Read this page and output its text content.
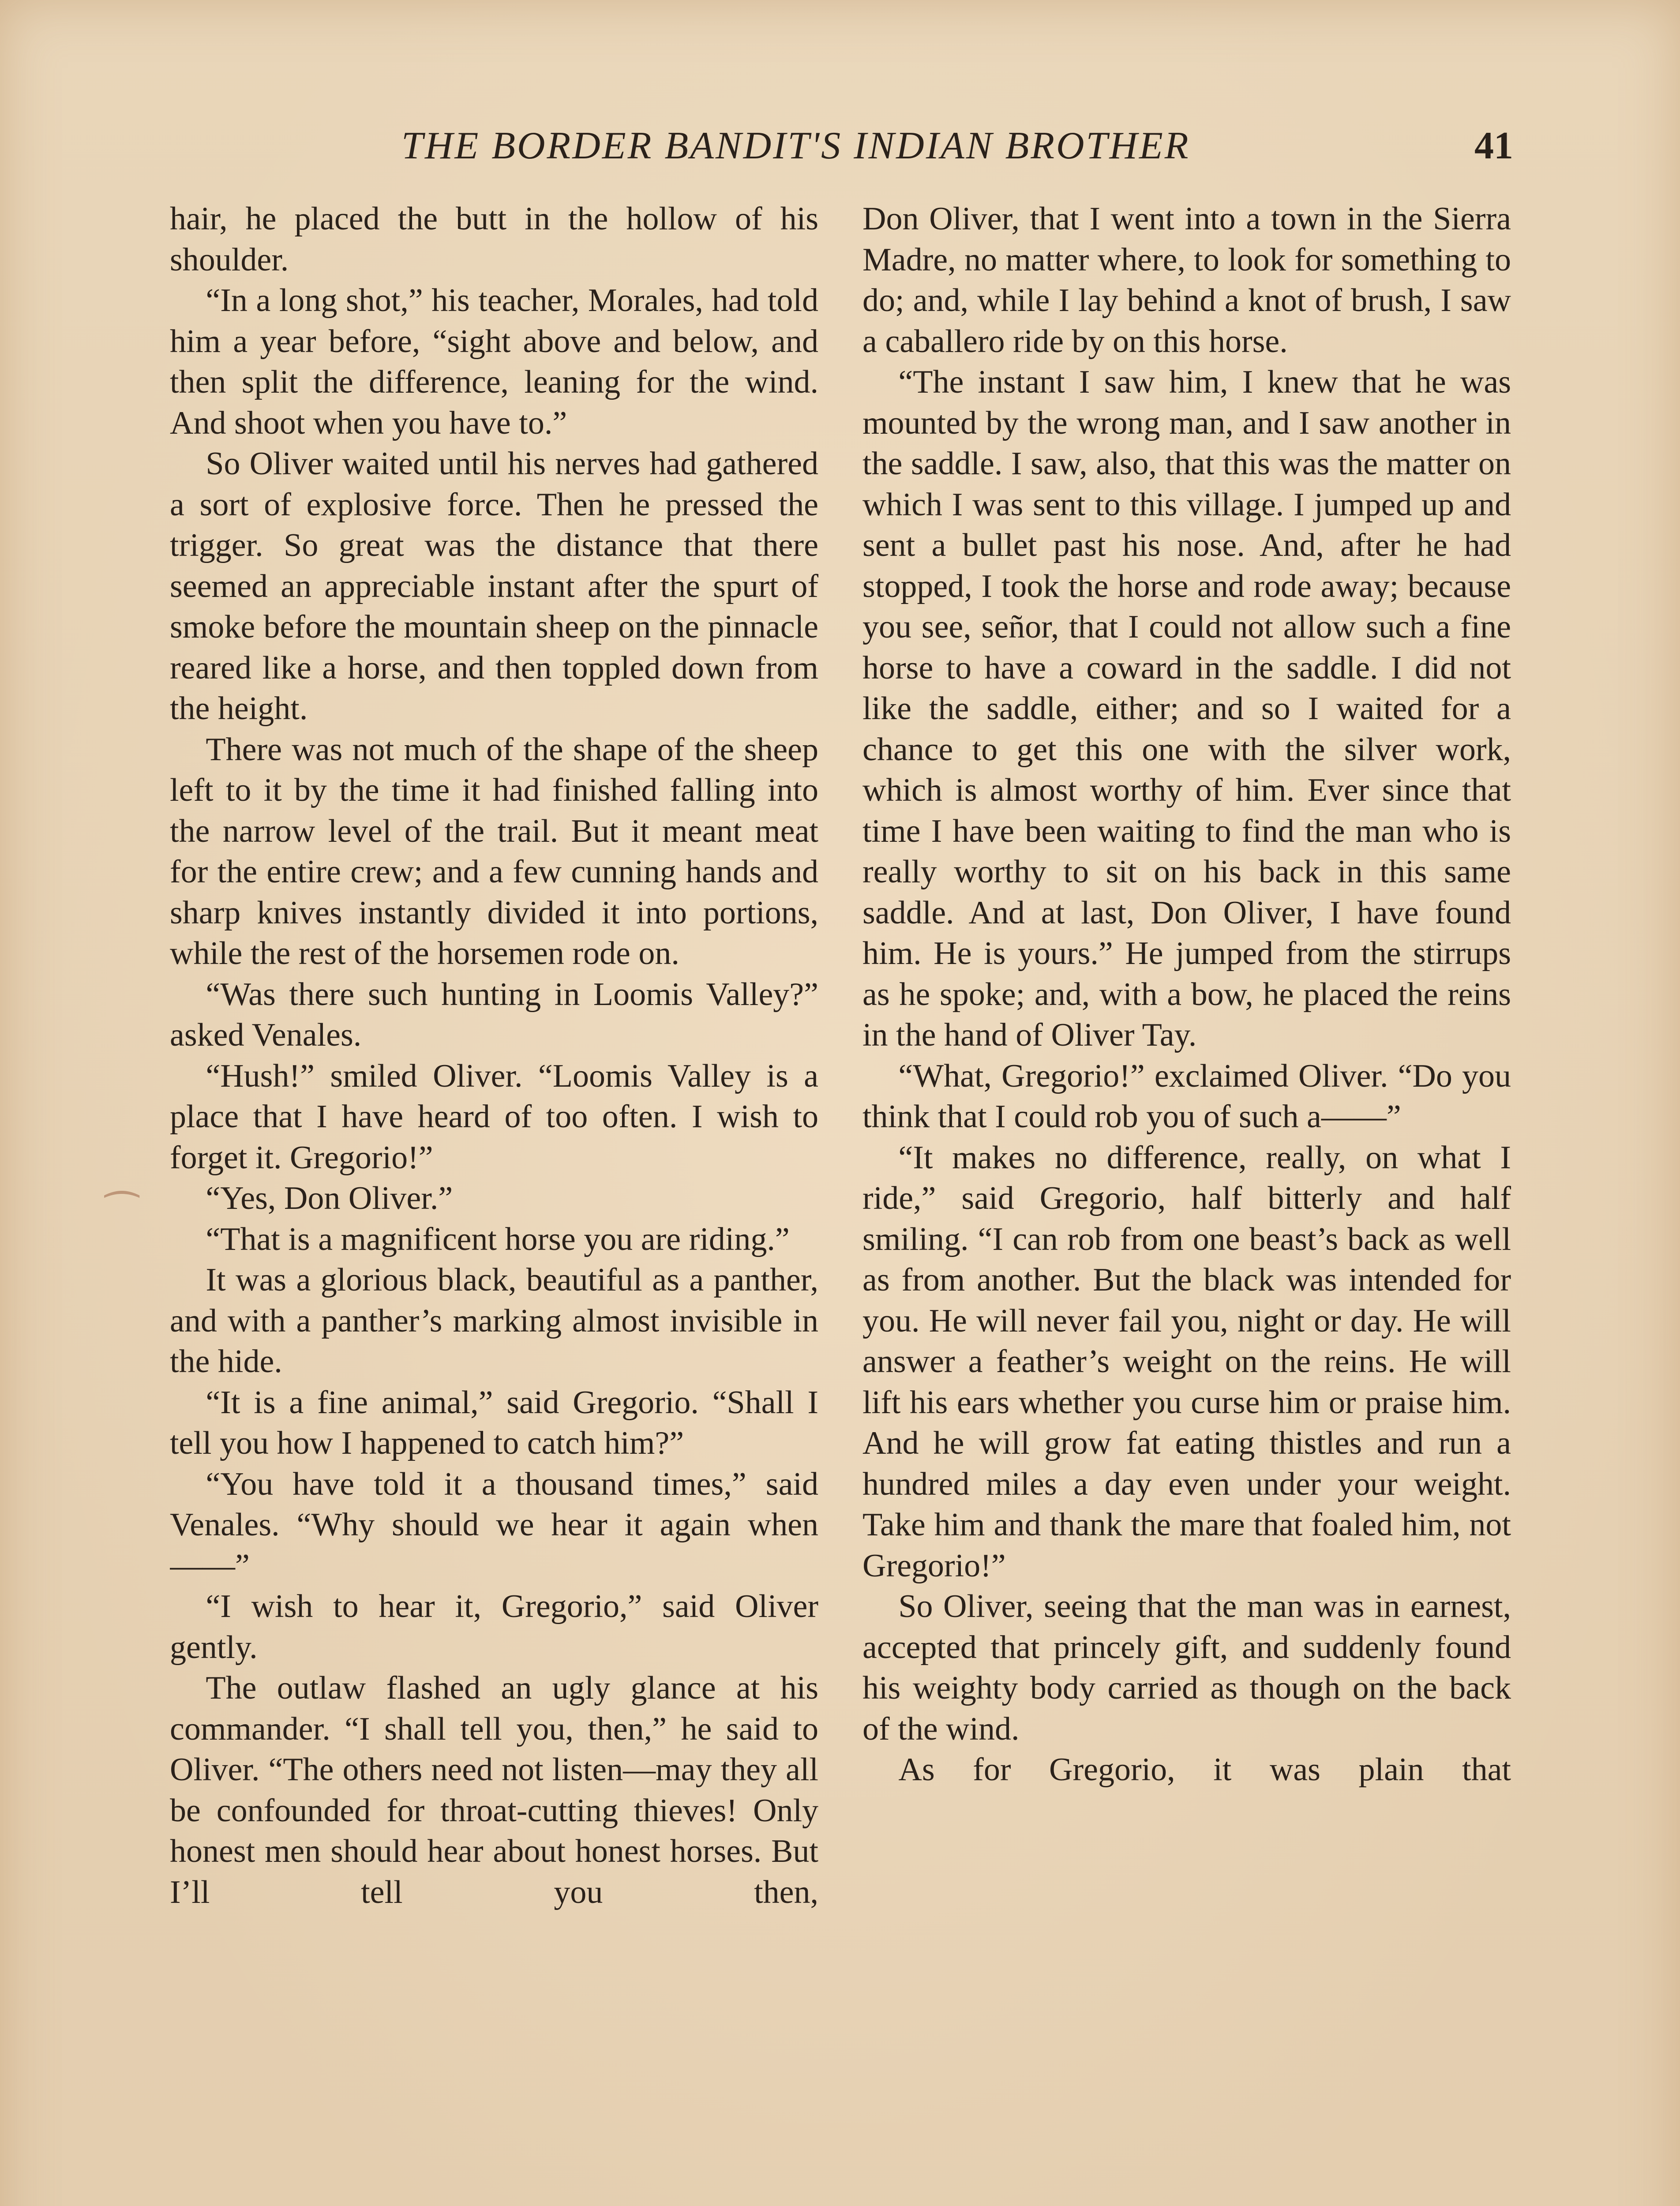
⁀
THE BORDER BANDIT'S INDIAN BROTHER	41

hair, he placed the butt in the hollow of his shoulder.

“In a long shot,” his teacher, Morales, had told him a year before, “sight above and below, and then split the difference, leaning for the wind. And shoot when you have to.”

So Oliver waited until his nerves had gathered a sort of explosive force. Then he pressed the trigger. So great was the distance that there seemed an appreciable instant after the spurt of smoke before the mountain sheep on the pinnacle reared like a horse, and then toppled down from the height.

There was not much of the shape of the sheep left to it by the time it had finished falling into the narrow level of the trail. But it meant meat for the entire crew; and a few cunning hands and sharp knives instantly divided it into portions, while the rest of the horsemen rode on.

“Was there such hunting in Loomis Valley?” asked Venales.

“Hush!” smiled Oliver. “Loomis Valley is a place that I have heard of too often. I wish to forget it. Gregorio!”

“Yes, Don Oliver.”

“That is a magnificent horse you are riding.”

It was a glorious black, beautiful as a panther, and with a panther’s marking almost invisible in the hide.

“It is a fine animal,” said Gregorio. “Shall I tell you how I happened to catch him?”

“You have told it a thousand times,” said Venales. “Why should we hear it again when——”

“I wish to hear it, Gregorio,” said Oliver gently.

The outlaw flashed an ugly glance at his commander. “I shall tell you, then,” he said to Oliver. “The others need not listen—may they all be confounded for throat-cutting thieves! Only honest men should hear about honest horses. But I’ll tell you then,

Don Oliver, that I went into a town in the Sierra Madre, no matter where, to look for something to do; and, while I lay behind a knot of brush, I saw a caballero ride by on this horse.

“The instant I saw him, I knew that he was mounted by the wrong man, and I saw another in the saddle. I saw, also, that this was the matter on which I was sent to this village. I jumped up and sent a bullet past his nose. And, after he had stopped, I took the horse and rode away; because you see, señor, that I could not allow such a fine horse to have a coward in the saddle. I did not like the saddle, either; and so I waited for a chance to get this one with the silver work, which is almost worthy of him. Ever since that time I have been waiting to find the man who is really worthy to sit on his back in this same saddle. And at last, Don Oliver, I have found him. He is yours.” He jumped from the stirrups as he spoke; and, with a bow, he placed the reins in the hand of Oliver Tay.

“What, Gregorio!” exclaimed Oliver. “Do you think that I could rob you of such a——”

“It makes no difference, really, on what I ride,” said Gregorio, half bitterly and half smiling. “I can rob from one beast’s back as well as from another. But the black was intended for you. He will never fail you, night or day. He will answer a feather’s weight on the reins. He will lift his ears whether you curse him or praise him. And he will grow fat eating thistles and run a hundred miles a day even under your weight. Take him and thank the mare that foaled him, not Gregorio!”

So Oliver, seeing that the man was in earnest, accepted that princely gift, and suddenly found his weighty body carried as though on the back of the wind.

As for Gregorio, it was plain that
